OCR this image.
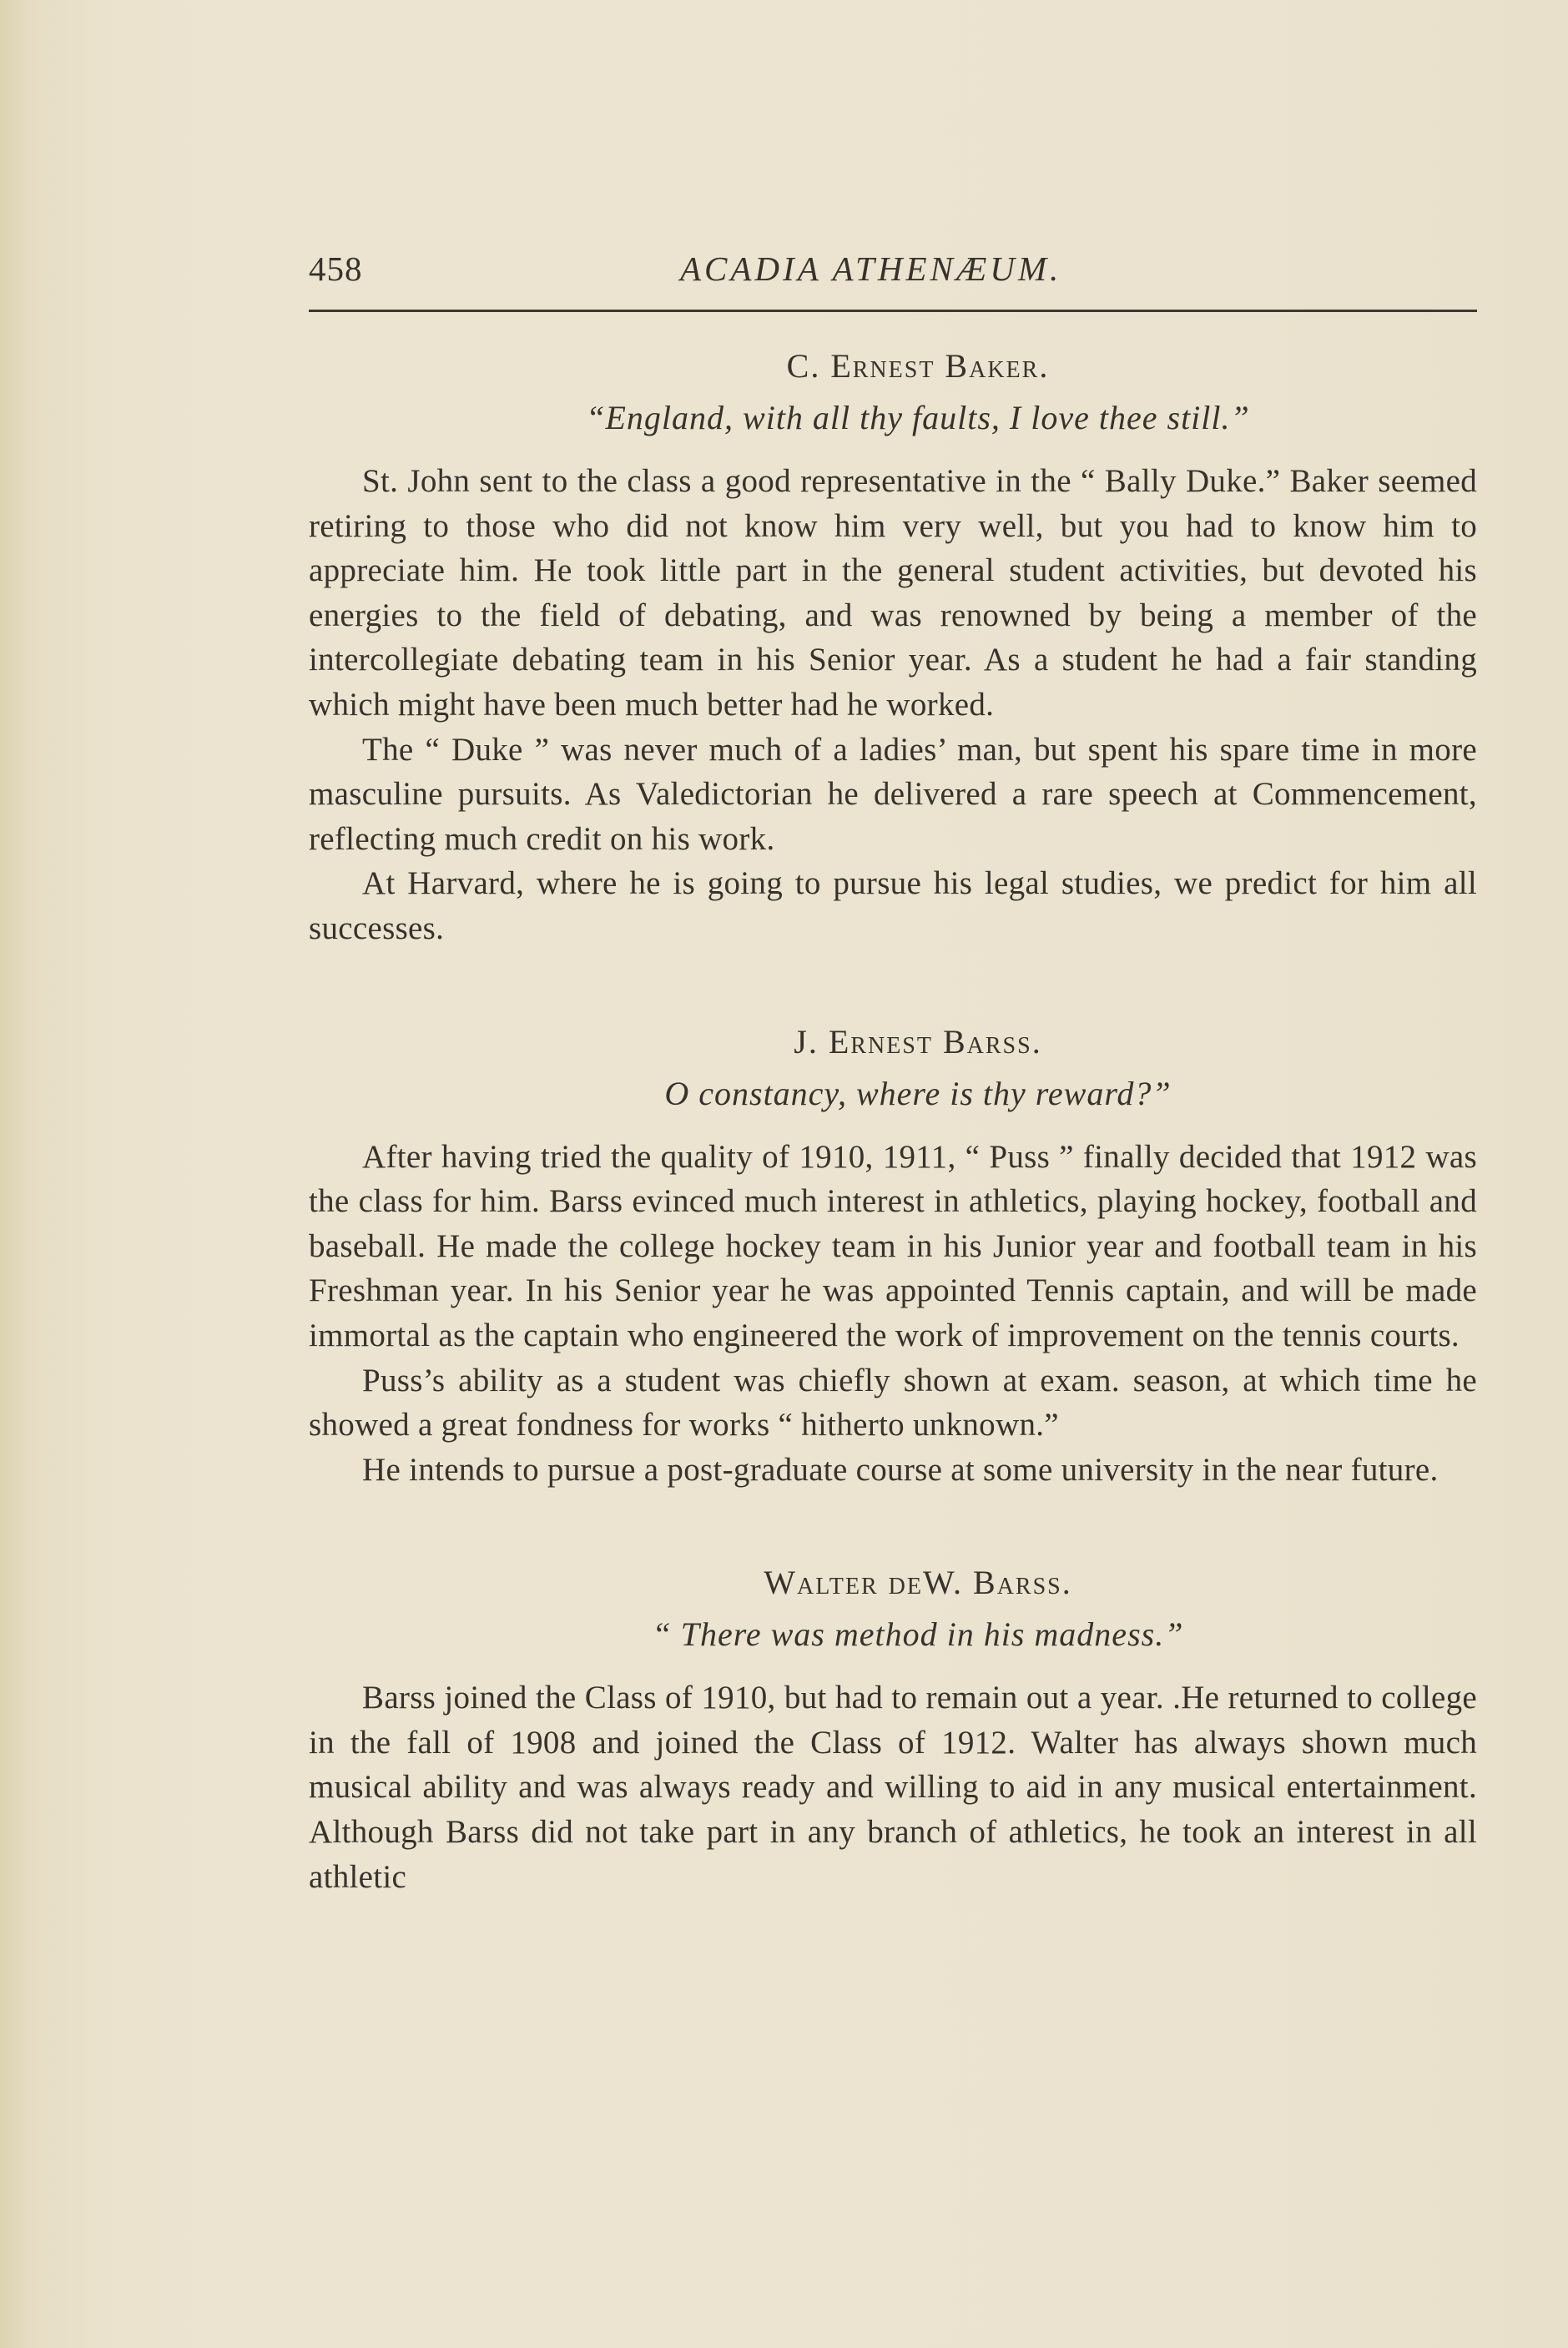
458	ACADIA ATHENÆUM.

C. Ernest Baker.

“England, with all thy faults, I love thee still.”

St. John sent to the class a good representative in the “ Bally Duke.” Baker seemed retiring to those who did not know him very well, but you had to know him to appreciate him. He took little part in the general student activities, but devoted his energies to the field of debating, and was renowned by being a member of the intercollegiate debating team in his Senior year. As a student he had a fair standing which might have been much better had he worked.

The “ Duke ” was never much of a ladies’ man, but spent his spare time in more masculine pursuits. As Valedictorian he delivered a rare speech at Commencement, reflecting much credit on his work.

At Harvard, where he is going to pursue his legal studies, we predict for him all successes.

J. Ernest Barss.

O constancy, where is thy reward?”

After having tried the quality of 1910, 1911, “ Puss ” finally decided that 1912 was the class for him. Barss evinced much interest in athletics, playing hockey, football and baseball. He made the college hockey team in his Junior year and football team in his Freshman year. In his Senior year he was appointed Tennis captain, and will be made immortal as the captain who engineered the work of improvement on the tennis courts.

Puss’s ability as a student was chiefly shown at exam. season, at which time he showed a great fondness for works “ hitherto unknown.”

He intends to pursue a post-graduate course at some university in the near future.

Walter deW. Barss.

“ There was method in his madness.”

Barss joined the Class of 1910, but had to remain out a year. .He returned to college in the fall of 1908 and joined the Class of 1912. Walter has always shown much musical ability and was always ready and willing to aid in any musical entertainment. Although Barss did not take part in any branch of athletics, he took an interest in all athletic
